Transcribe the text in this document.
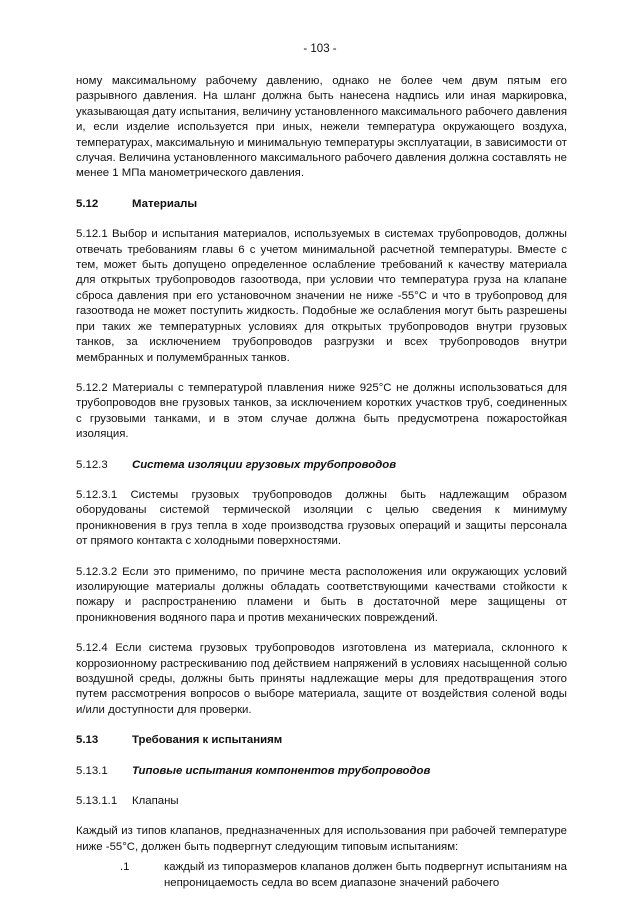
- 103 -

ному максимальному рабочему давлению, однако не более чем двум пятым его разрывного давления. На шланг должна быть нанесена надпись или иная маркировка, указывающая дату испытания, величину установленного максимального рабочего давления и, если изделие используется при иных, нежели температура окружающего воздуха, температурах, максимальную и минимальную температуры эксплуатации, в зависимости от случая. Величина установленного максимального рабочего давления должна составлять не менее 1 МПа манометрического давления.

5.12	Материалы

5.12.1 Выбор и испытания материалов, используемых в системах трубопроводов, должны отвечать требованиям главы 6 с учетом минимальной расчетной температуры. Вместе с тем, может быть допущено определенное ослабление требований к качеству материала для открытых трубопроводов газоотвода, при условии что температура груза на клапане сброса давления при его установочном значении не ниже -55°С и что в трубопровод для газоотвода не может поступить жидкость. Подобные же ослабления могут быть разрешены при таких же температурных условиях для открытых трубопроводов внутри грузовых танков, за исключением трубопроводов разгрузки и всех трубопроводов внутри мембранных и полумембранных танков.

5.12.2 Материалы с температурой плавления ниже 925°С не должны использоваться для трубопроводов вне грузовых танков, за исключением коротких участков труб, соединенных с грузовыми танками, и в этом случае должна быть предусмотрена пожаростойкая изоляция.

5.12.3	Система изоляции грузовых трубопроводов

5.12.3.1 Системы грузовых трубопроводов должны быть надлежащим образом оборудованы системой термической изоляции с целью сведения к минимуму проникновения в груз тепла в ходе производства грузовых операций и защиты персонала от прямого контакта с холодными поверхностями.

5.12.3.2 Если это применимо, по причине места расположения или окружающих условий изолирующие материалы должны обладать соответствующими качествами стойкости к пожару и распространению пламени и быть в достаточной мере защищены от проникновения водяного пара и против механических повреждений.

5.12.4 Если система грузовых трубопроводов изготовлена из материала, склонного к коррозионному растрескиванию под действием напряжений в условиях насыщенной солью воздушной среды, должны быть приняты надлежащие меры для предотвращения этого путем рассмотрения вопросов о выборе материала, защите от воздействия соленой воды и/или доступности для проверки.

5.13	Требования к испытаниям
5.13.1	Типовые испытания компонентов трубопроводов
5.13.1.1	Клапаны

Каждый из типов клапанов, предназначенных для использования при рабочей температуре ниже -55°С, должен быть подвергнут следующим типовым испытаниям:

.1	каждый из типоразмеров клапанов должен быть подвергнут испытаниям на непроницаемость седла во всем диапазоне значений рабочего
